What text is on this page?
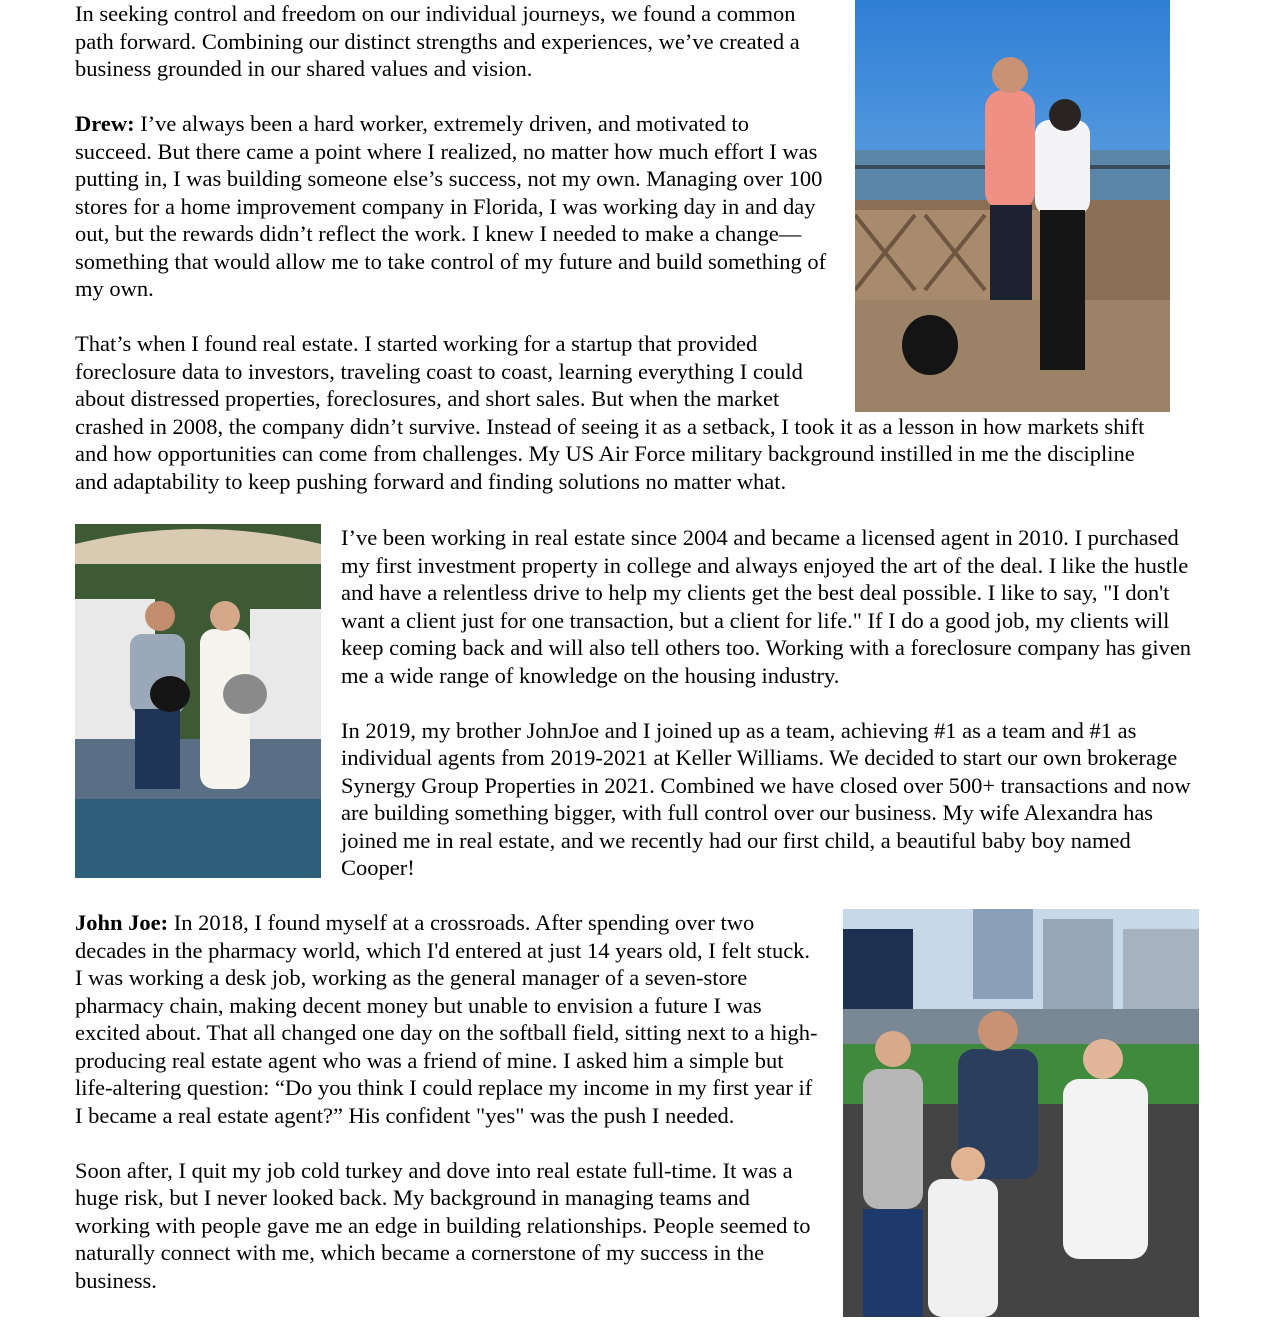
In seeking control and freedom on our individual journeys, we found a common path forward. Combining our distinct strengths and experiences, we’ve created a business grounded in our shared values and vision.

Drew: I’ve always been a hard worker, extremely driven, and motivated to succeed. But there came a point where I realized, no matter how much effort I was putting in, I was building someone else’s success, not my own. Managing over 100 stores for a home improvement company in Florida, I was working day in and day out, but the rewards didn’t reflect the work. I knew I needed to make a change—something that would allow me to take control of my future and build something of my own.

That’s when I found real estate. I started working for a startup that provided foreclosure data to investors, traveling coast to coast, learning everything I could about distressed properties, foreclosures, and short sales. But when the market crashed in 2008, the company didn’t survive. Instead of seeing it as a setback, I took it as a lesson in how markets shift and how opportunities can come from challenges. My US Air Force military background instilled in me the discipline and adaptability to keep pushing forward and finding solutions no matter what.

I’ve been working in real estate since 2004 and became a licensed agent in 2010. I purchased my first investment property in college and always enjoyed the art of the deal. I like the hustle and have a relentless drive to help my clients get the best deal possible. I like to say, "I don't want a client just for one transaction, but a client for life." If I do a good job, my clients will keep coming back and will also tell others too. Working with a foreclosure company has given me a wide range of knowledge on the housing industry.

In 2019, my brother JohnJoe and I joined up as a team, achieving #1 as a team and #1 as individual agents from 2019-2021 at Keller Williams. We decided to start our own brokerage Synergy Group Properties in 2021. Combined we have closed over 500+ transactions and now are building something bigger, with full control over our business. My wife Alexandra has joined me in real estate, and we recently had our first child, a beautiful baby boy named Cooper!

John Joe: In 2018, I found myself at a crossroads. After spending over two decades in the pharmacy world, which I'd entered at just 14 years old, I felt stuck. I was working a desk job, working as the general manager of a seven-store pharmacy chain, making decent money but unable to envision a future I was excited about. That all changed one day on the softball field, sitting next to a high-producing real estate agent who was a friend of mine. I asked him a simple but life-altering question: “Do you think I could replace my income in my first year if I became a real estate agent?” His confident "yes" was the push I needed.

Soon after, I quit my job cold turkey and dove into real estate full-time. It was a huge risk, but I never looked back. My background in managing teams and working with people gave me an edge in building relationships. People seemed to naturally connect with me, which became a cornerstone of my success in the business.
